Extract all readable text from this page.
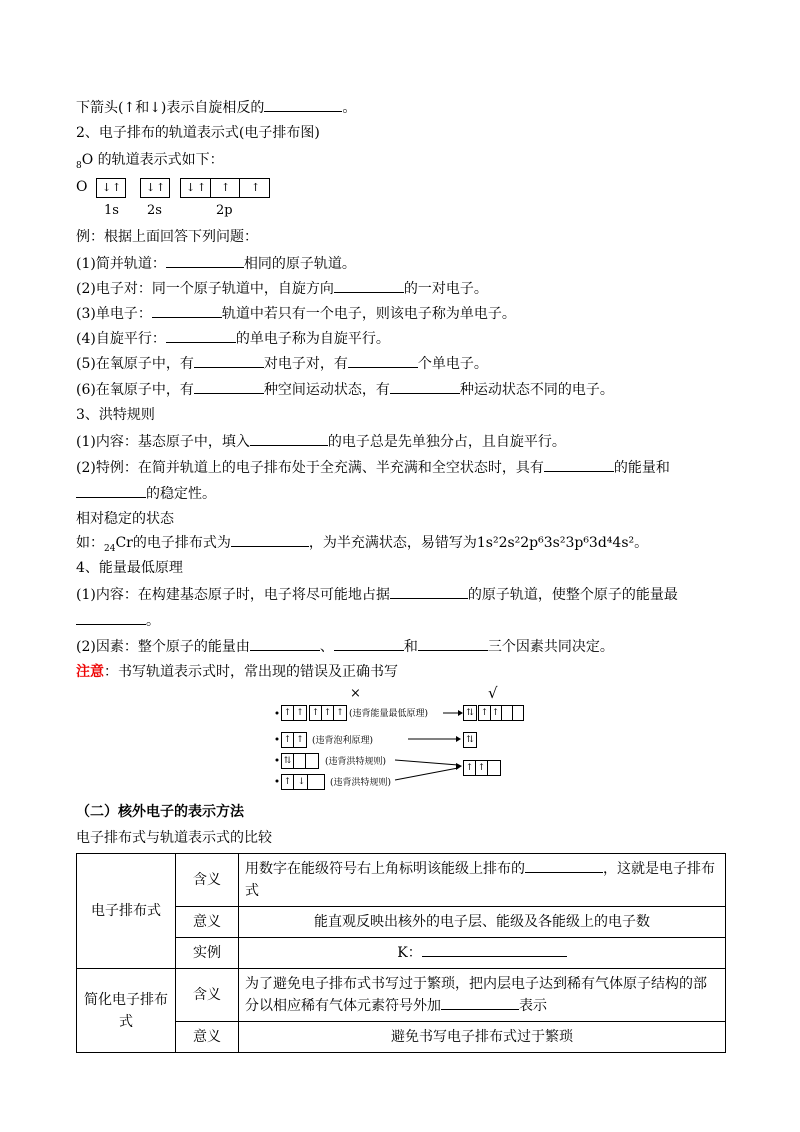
下箭头(↑和↓)表示自旋相反的	。
2、电子排布的轨道表示式(电子排布图)
$_8$O 的轨道表示式如下：
O ↓ ↑ ↓ ↑ ↓ ↑ ↑ ↑
1s 2s	2p
例：根据上面回答下列问题：
(1)简并轨道：	相同的原子轨道。
(2)电子对：同一个原子轨道中，自旋方向	的一对电子。
(3)单电子：	轨道中若只有一个电子，则该电子称为单电子。
(4)自旋平行：	的单电子称为自旋平行。
(5)在氧原子中，有	对电子对，有	个单电子。
(6)在氧原子中，有	种空间运动状态，有	种运动状态不同的电子。
3、洪特规则
(1)内容：基态原子中，填入	的电子总是先单独分占，且自旋平行。
(2)特例：在简并轨道上的电子排布处于全充满、半充满和全空状态时，具有	的能量和
的稳定性。
相对稳定的状态
如：$_{24}$Cr的电子排布式为	，为半充满状态，易错写为1s²2s²2p⁶3s²3p⁶3d⁴4s²。
4、能量最低原理
(1)内容：在构建基态原子时，电子将尽可能地占据	的原子轨道，使整个原子的能量最
。
(2)因素：整个原子的能量由	、	和	三个因素共同决定。
注意：书写轨道表示式时，常出现的错误及正确书写
×	√
↑ ↑ ↑ ↑ ↑ (违背能量最低原理)	⇅ ↑ ↑

↑ ↑ (违背泡利原理)	⇅
⇅

	(违背洪特规则)
↑ ↓
	(违背洪特规则)
↑ ↑

（二）核外电子的表示方法
电子排布式与轨道表示式的比较
电子排布式	含义	用数字在能级符号右上角标明该能级上排布的 ，这就是电子排布式
	意义	能直观反映出核外的电子层、能级及各能级上的电子数
	实例	K：
简化电子排布式	含义	为了避免电子排布式书写过于繁琐，把内层电子达到稀有气体原子结构的部分以相应稀有气体元素符号外加 表示
	意义	避免书写电子排布式过于繁琐
